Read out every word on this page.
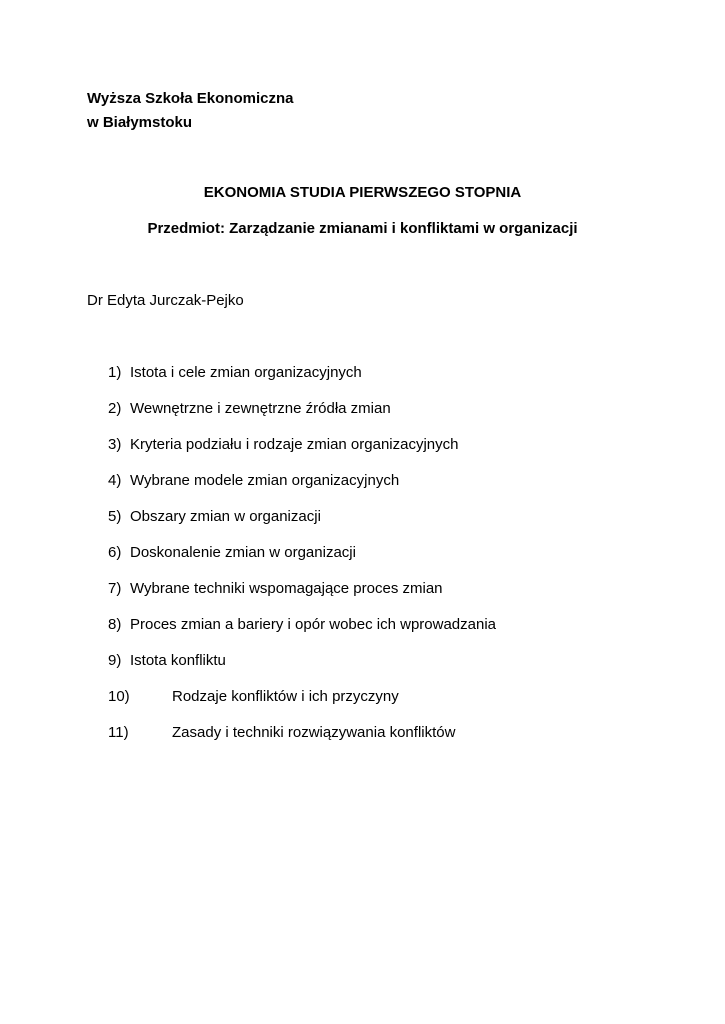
Wyższa Szkoła Ekonomiczna
w Białymstoku
EKONOMIA STUDIA PIERWSZEGO STOPNIA
Przedmiot: Zarządzanie zmianami i konfliktami w organizacji
Dr Edyta Jurczak-Pejko
1) Istota i cele zmian organizacyjnych
2) Wewnętrzne i zewnętrzne źródła zmian
3) Kryteria podziału i rodzaje zmian organizacyjnych
4) Wybrane modele zmian organizacyjnych
5) Obszary zmian w organizacji
6) Doskonalenie zmian w organizacji
7) Wybrane techniki wspomagające proces zmian
8) Proces zmian a bariery i opór wobec ich wprowadzania
9) Istota konfliktu
10)	Rodzaje konfliktów i ich przyczyny
11)	Zasady i techniki rozwiązywania konfliktów
